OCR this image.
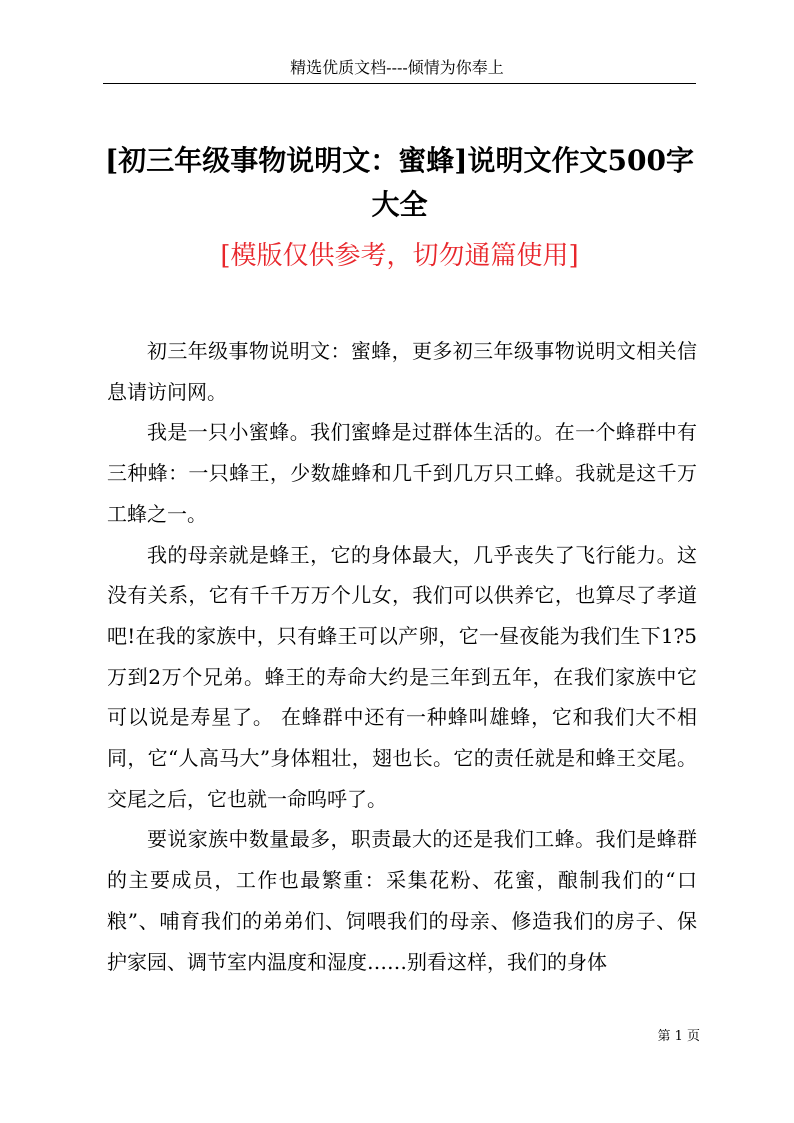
精选优质文档----倾情为你奉上
[初三年级事物说明文：蜜蜂]说明文作文500字大全
[模版仅供参考，切勿通篇使用]

初三年级事物说明文：蜜蜂，更多初三年级事物说明文相关信息请访问网。

我是一只小蜜蜂。我们蜜蜂是过群体生活的。在一个蜂群中有三种蜂：一只蜂王，少数雄蜂和几千到几万只工蜂。我就是这千万工蜂之一。

我的母亲就是蜂王，它的身体最大，几乎丧失了飞行能力。这没有关系，它有千千万万个儿女，我们可以供养它，也算尽了孝道吧!在我的家族中，只有蜂王可以产卵，它一昼夜能为我们生下1?5万到2万个兄弟。蜂王的寿命大约是三年到五年，在我们家族中它可以说是寿星了。 在蜂群中还有一种蜂叫雄蜂，它和我们大不相同，它“人高马大”身体粗壮，翅也长。它的责任就是和蜂王交尾。交尾之后，它也就一命呜呼了。

要说家族中数量最多，职责最大的还是我们工蜂。我们是蜂群的主要成员，工作也最繁重：采集花粉、花蜜，酿制我们的“口粮”、哺育我们的弟弟们、饲喂我们的母亲、修造我们的房子、保护家园、调节室内温度和湿度……别看这样，我们的身体

第 1 页
